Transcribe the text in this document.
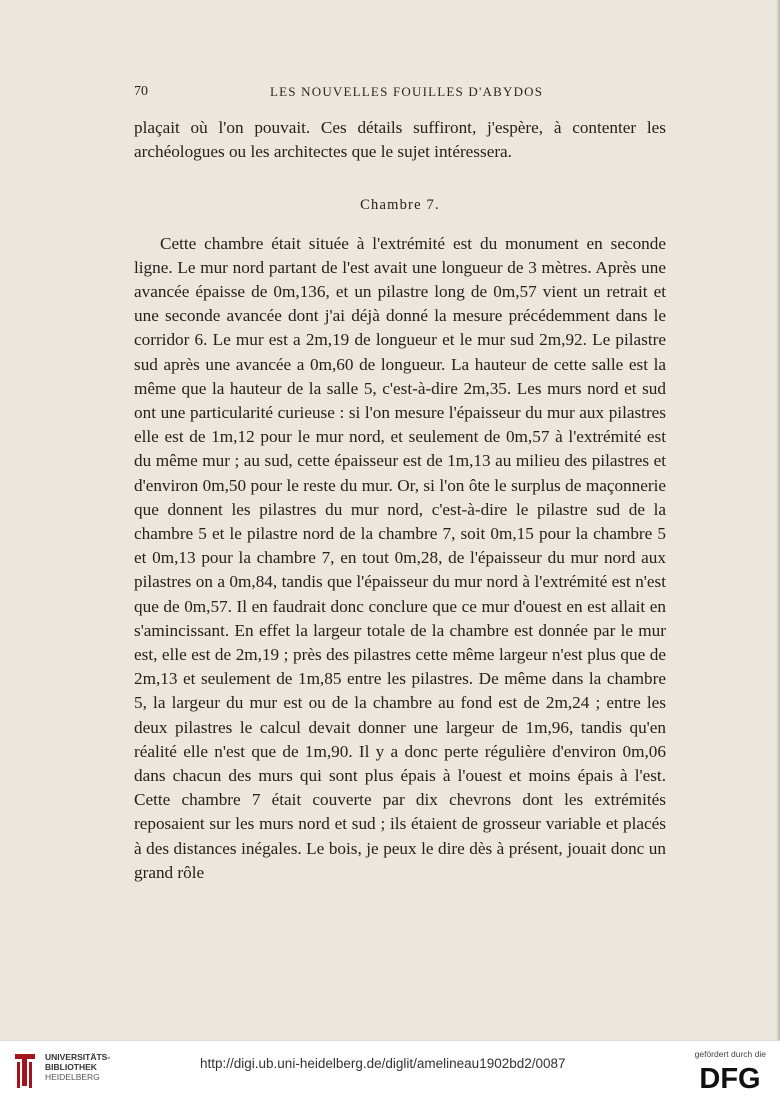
70	LES NOUVELLES FOUILLES D'ABYDOS

plaçait où l'on pouvait. Ces détails suffiront, j'espère, à contenter les archéologues ou les architectes que le sujet intéressera.

Chambre 7.

Cette chambre était située à l'extrémité est du monument en seconde ligne. Le mur nord partant de l'est avait une longueur de 3 mètres. Après une avancée épaisse de 0m,136, et un pilastre long de 0m,57 vient un retrait et une seconde avancée dont j'ai déjà donné la mesure précédemment dans le corridor 6. Le mur est a 2m,19 de longueur et le mur sud 2m,92. Le pilastre sud après une avancée a 0m,60 de longueur. La hauteur de cette salle est la même que la hauteur de la salle 5, c'est-à-dire 2m,35. Les murs nord et sud ont une particularité curieuse : si l'on mesure l'épaisseur du mur aux pilastres elle est de 1m,12 pour le mur nord, et seulement de 0m,57 à l'extrémité est du même mur ; au sud, cette épaisseur est de 1m,13 au milieu des pilastres et d'environ 0m,50 pour le reste du mur. Or, si l'on ôte le surplus de maçonnerie que donnent les pilastres du mur nord, c'est-à-dire le pilastre sud de la chambre 5 et le pilastre nord de la chambre 7, soit 0m,15 pour la chambre 5 et 0m,13 pour la chambre 7, en tout 0m,28, de l'épaisseur du mur nord aux pilastres on a 0m,84, tandis que l'épaisseur du mur nord à l'extrémité est n'est que de 0m,57. Il en faudrait donc conclure que ce mur d'ouest en est allait en s'amincissant. En effet la largeur totale de la chambre est donnée par le mur est, elle est de 2m,19 ; près des pilastres cette même largeur n'est plus que de 2m,13 et seulement de 1m,85 entre les pilastres. De même dans la chambre 5, la largeur du mur est ou de la chambre au fond est de 2m,24 ; entre les deux pilastres le calcul devait donner une largeur de 1m,96, tandis qu'en réalité elle n'est que de 1m,90. Il y a donc perte régulière d'environ 0m,06 dans chacun des murs qui sont plus épais à l'ouest et moins épais à l'est. Cette chambre 7 était couverte par dix chevrons dont les extrémités reposaient sur les murs nord et sud ; ils étaient de grosseur variable et placés à des distances inégales. Le bois, je peux le dire dès à présent, jouait donc un grand rôle

UNIVERSITÄTS-
BIBLIOTHEK
HEIDELBERG
http://digi.ub.uni-heidelberg.de/diglit/amelineau1902bd2/0087
gefördert durch die
DFG
